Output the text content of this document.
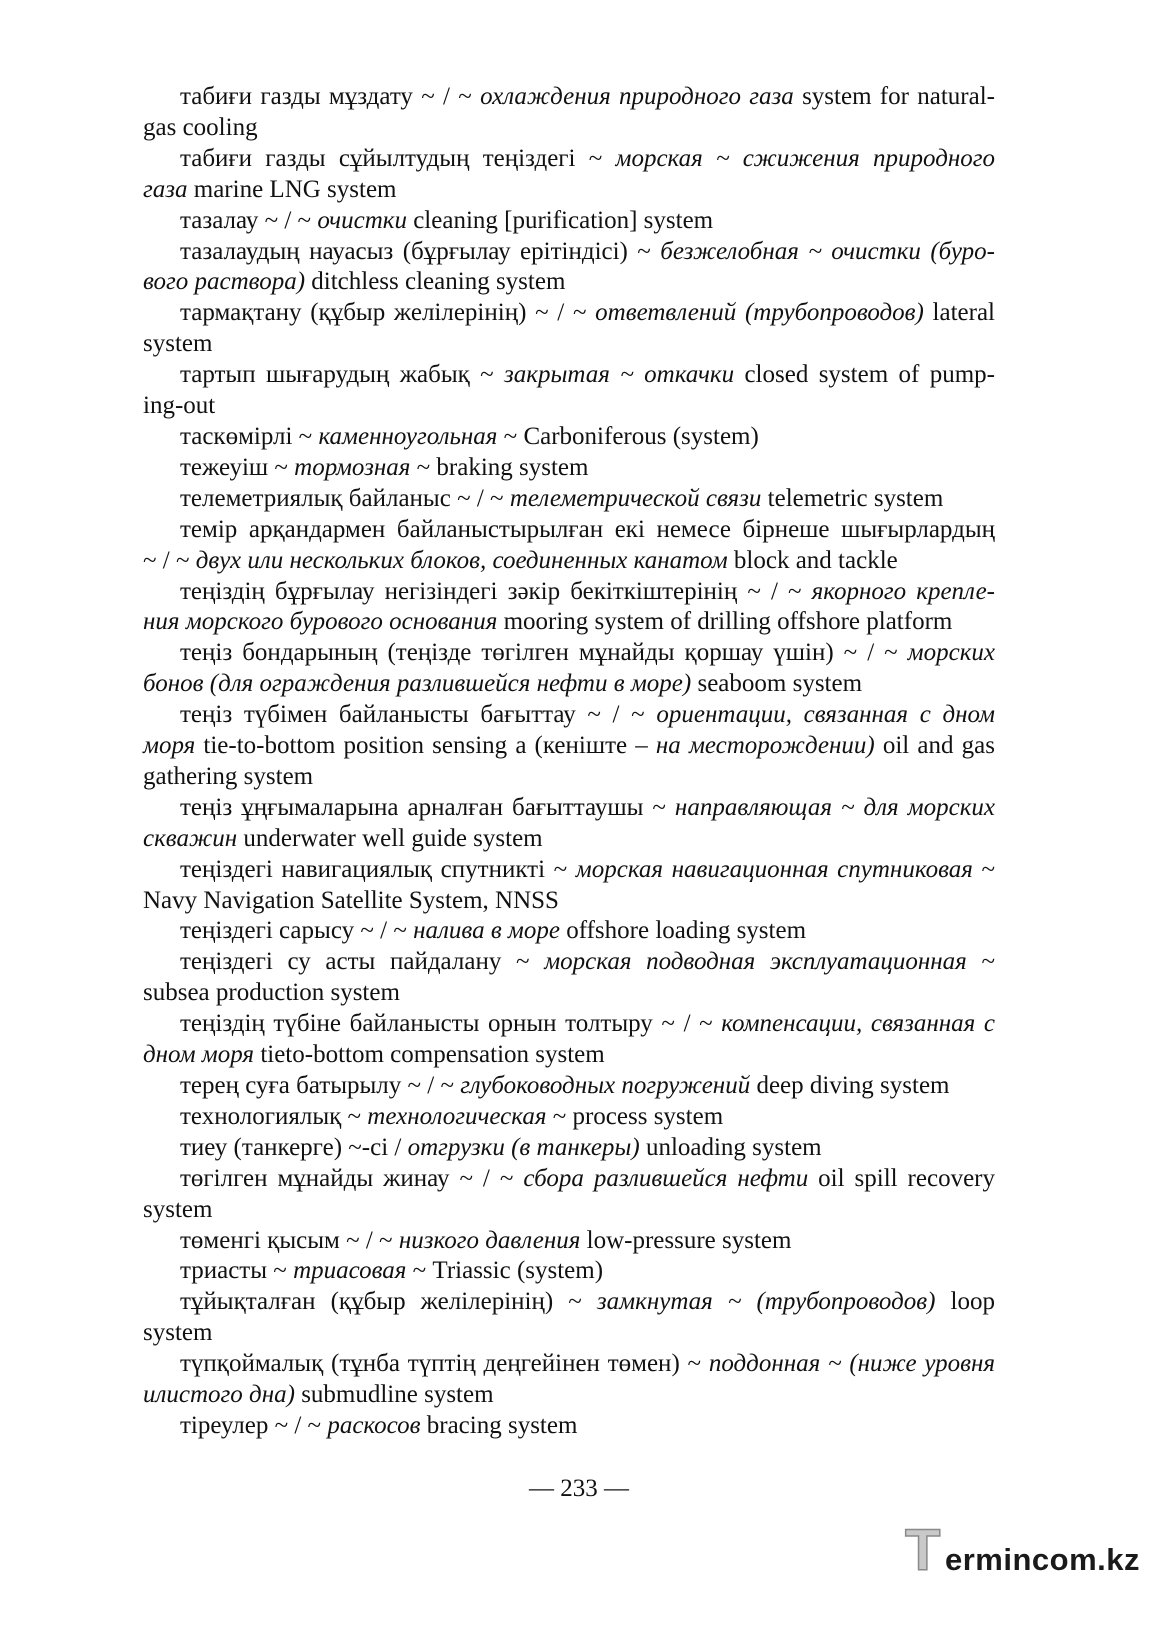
табиғи газды мұздату ~ / ~ охлаждения природного газа system for natural-
gas cooling
табиғи газды сұйылтудың теңіздегі ~ морская ~ сжижения природного
газа marine LNG system
тазалау ~ / ~ очистки cleaning [purification] system
тазалаудың науасыз (бұрғылау ерітіндісі) ~ безжелобная ~ очистки (буро-
вого раствора) ditchless cleaning system
тармақтану (құбыр желілерінің) ~ / ~ ответвлений (трубопроводов) lateral
system
тартып шығарудың жабық ~ закрытая ~ откачки closed system of pump-
ing-out
таскөмірлі ~ каменноугольная ~ Carboniferous (system)
тежеуіш ~ тормозная ~ braking system
телеметриялық байланыс ~ / ~ телеметрической связи telemetric system
темір арқандармен байланыстырылған екі немесе бірнеше шығырлардың
~ / ~ двух или нескольких блоков, соединенных канатом block and tackle
теңіздің бұрғылау негізіндегі зәкір бекіткіштерінің ~ / ~ якорного крепле-
ния морского бурового основания mooring system of drilling offshore platform
теңіз бондарының (теңізде төгілген мұнайды қоршау үшін) ~ / ~ морских
бонов (для ограждения разлившейся нефти в море) seaboom system
теңіз түбімен байланысты бағыттау ~ / ~ ориентации, связанная с дном
моря tie-to-bottom position sensing a (кеніште – на месторождении) oil and gas
gathering system
теңіз ұңғымаларына арналған бағыттаушы ~ направляющая ~ для морских
скважин underwater well guide system
теңіздегі навигациялық спутникті ~ морская навигационная спутниковая ~
Navy Navigation Satellite System, NNSS
теңіздегі сарысу ~ / ~ налива в море offshore loading system
теңіздегі су асты пайдалану ~ морская подводная эксплуатационная ~
subsea production system
теңіздің түбіне байланысты орнын толтыру ~ / ~ компенсации, связанная с
дном моря tieto-bottom compensation system
терең суға батырылу ~ / ~ глубоководных погружений deep diving system
технологиялық ~ технологическая ~ process system
тиеу (танкерге) ~-сі / отгрузки (в танкеры) unloading system
төгілген мұнайды жинау ~ / ~ сбора разлившейся нефти oil spill recovery
system
төменгі қысым ~ / ~ низкого давления low-pressure system
триасты ~ триасовая ~ Triassic (system)
тұйықталған (құбыр желілерінің) ~ замкнутая ~ (трубопроводов) loop
system
түпқоймалық (тұнба түптің деңгейінен төмен) ~ поддонная ~ (ниже уровня
илистого дна) submudline system
тіреулер ~ / ~ раскосов bracing system
— 233 —
T ermincom.kz
